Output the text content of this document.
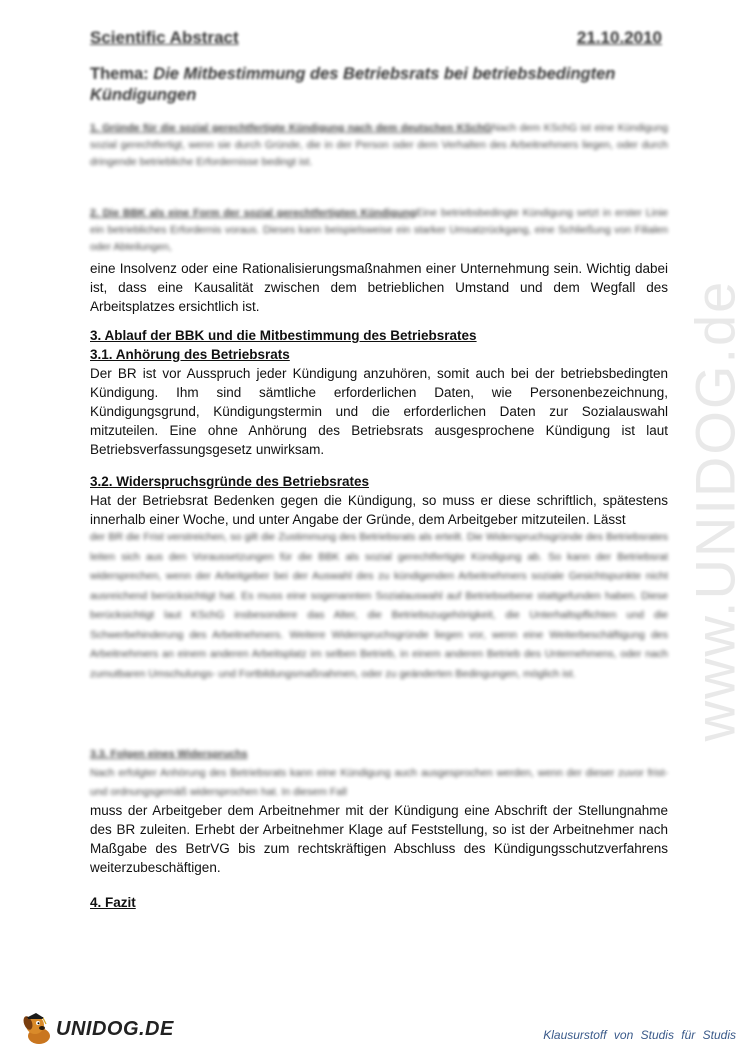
Scientific Abstract	21.10.2010
Thema: Die Mitbestimmung des Betriebsrats bei betriebsbedingten Kündigungen

1. Gründe für die sozial gerechtfertigte Kündigung nach dem deutschen KSchGNach dem KSchG ist eine Kündigung sozial gerechtfertigt, wenn sie durch Gründe, die in der Person oder dem Verhalten des Arbeitnehmers liegen, oder durch dringende betriebliche Erfordernisse bedingt ist.

2. Die BBK als eine Form der sozial gerechtfertigten KündigungEine betriebsbedingte Kündigung setzt in erster Linie ein betriebliches Erfordernis voraus. Dieses kann beispielsweise ein starker Umsatzrückgang, eine Schließung von Filialen oder Abteilungen,

eine Insolvenz oder eine Rationalisierungsmaßnahmen einer Unternehmung sein. Wichtig dabei ist, dass eine Kausalität zwischen dem betrieblichen Umstand und dem Wegfall des Arbeitsplatzes ersichtlich ist.

3. Ablauf der BBK und die Mitbestimmung des Betriebsrates

3.1. Anhörung des Betriebsrats

Der BR ist vor Ausspruch jeder Kündigung anzuhören, somit auch bei der betriebsbedingten Kündigung. Ihm sind sämtliche erforderlichen Daten, wie Personenbezeichnung, Kündigungsgrund, Kündigungstermin und die erforderlichen Daten zur Sozialauswahl mitzuteilen. Eine ohne Anhörung des Betriebsrats ausgesprochene Kündigung ist laut Betriebsverfassungsgesetz unwirksam.

3.2. Widerspruchsgründe des Betriebsrates

Hat der Betriebsrat Bedenken gegen die Kündigung, so muss er diese schriftlich, spätestens innerhalb einer Woche, und unter Angabe der Gründe, dem Arbeitgeber mitzuteilen. Lässt

der BR die Frist verstreichen, so gilt die Zustimmung des Betriebsrats als erteilt. Die Widerspruchsgründe des Betriebsrates leiten sich aus den Voraussetzungen für die BBK als sozial gerechtfertigte Kündigung ab. So kann der Betriebsrat widersprechen, wenn der Arbeitgeber bei der Auswahl des zu kündigenden Arbeitnehmers soziale Gesichtspunkte nicht ausreichend berücksichtigt hat. Es muss eine sogenannten Sozialauswahl auf Betriebsebene stattgefunden haben. Diese berücksichtigt laut KSchG insbesondere das Alter, die Betriebszugehörigkeit, die Unterhaltspflichten und die Schwerbehinderung des Arbeitnehmers. Weitere Widerspruchsgründe liegen vor, wenn eine Weiterbeschäftigung des Arbeitnehmers an einem anderen Arbeitsplatz im selben Betrieb, in einem anderen Betrieb des Unternehmens, oder nach zumutbaren Umschulungs- und Fortbildungsmaßnahmen, oder zu geänderten Bedingungen, möglich ist.

3.3. Folgen eines Widerspruchs

Nach erfolgter Anhörung des Betriebsrats kann eine Kündigung auch ausgesprochen werden, wenn der dieser zuvor frist- und ordnungsgemäß widersprochen hat. In diesem Fall

muss der Arbeitgeber dem Arbeitnehmer mit der Kündigung eine Abschrift der Stellungnahme des BR zuleiten. Erhebt der Arbeitnehmer Klage auf Feststellung, so ist der Arbeitnehmer nach Maßgabe des BetrVG bis zum rechtskräftigen Abschluss des Kündigungsschutzverfahrens weiterzubeschäftigen.

4. Fazit

www.UNIDOG.de
UNIDOG.DE	Klausurstoff von Studis für Studis
